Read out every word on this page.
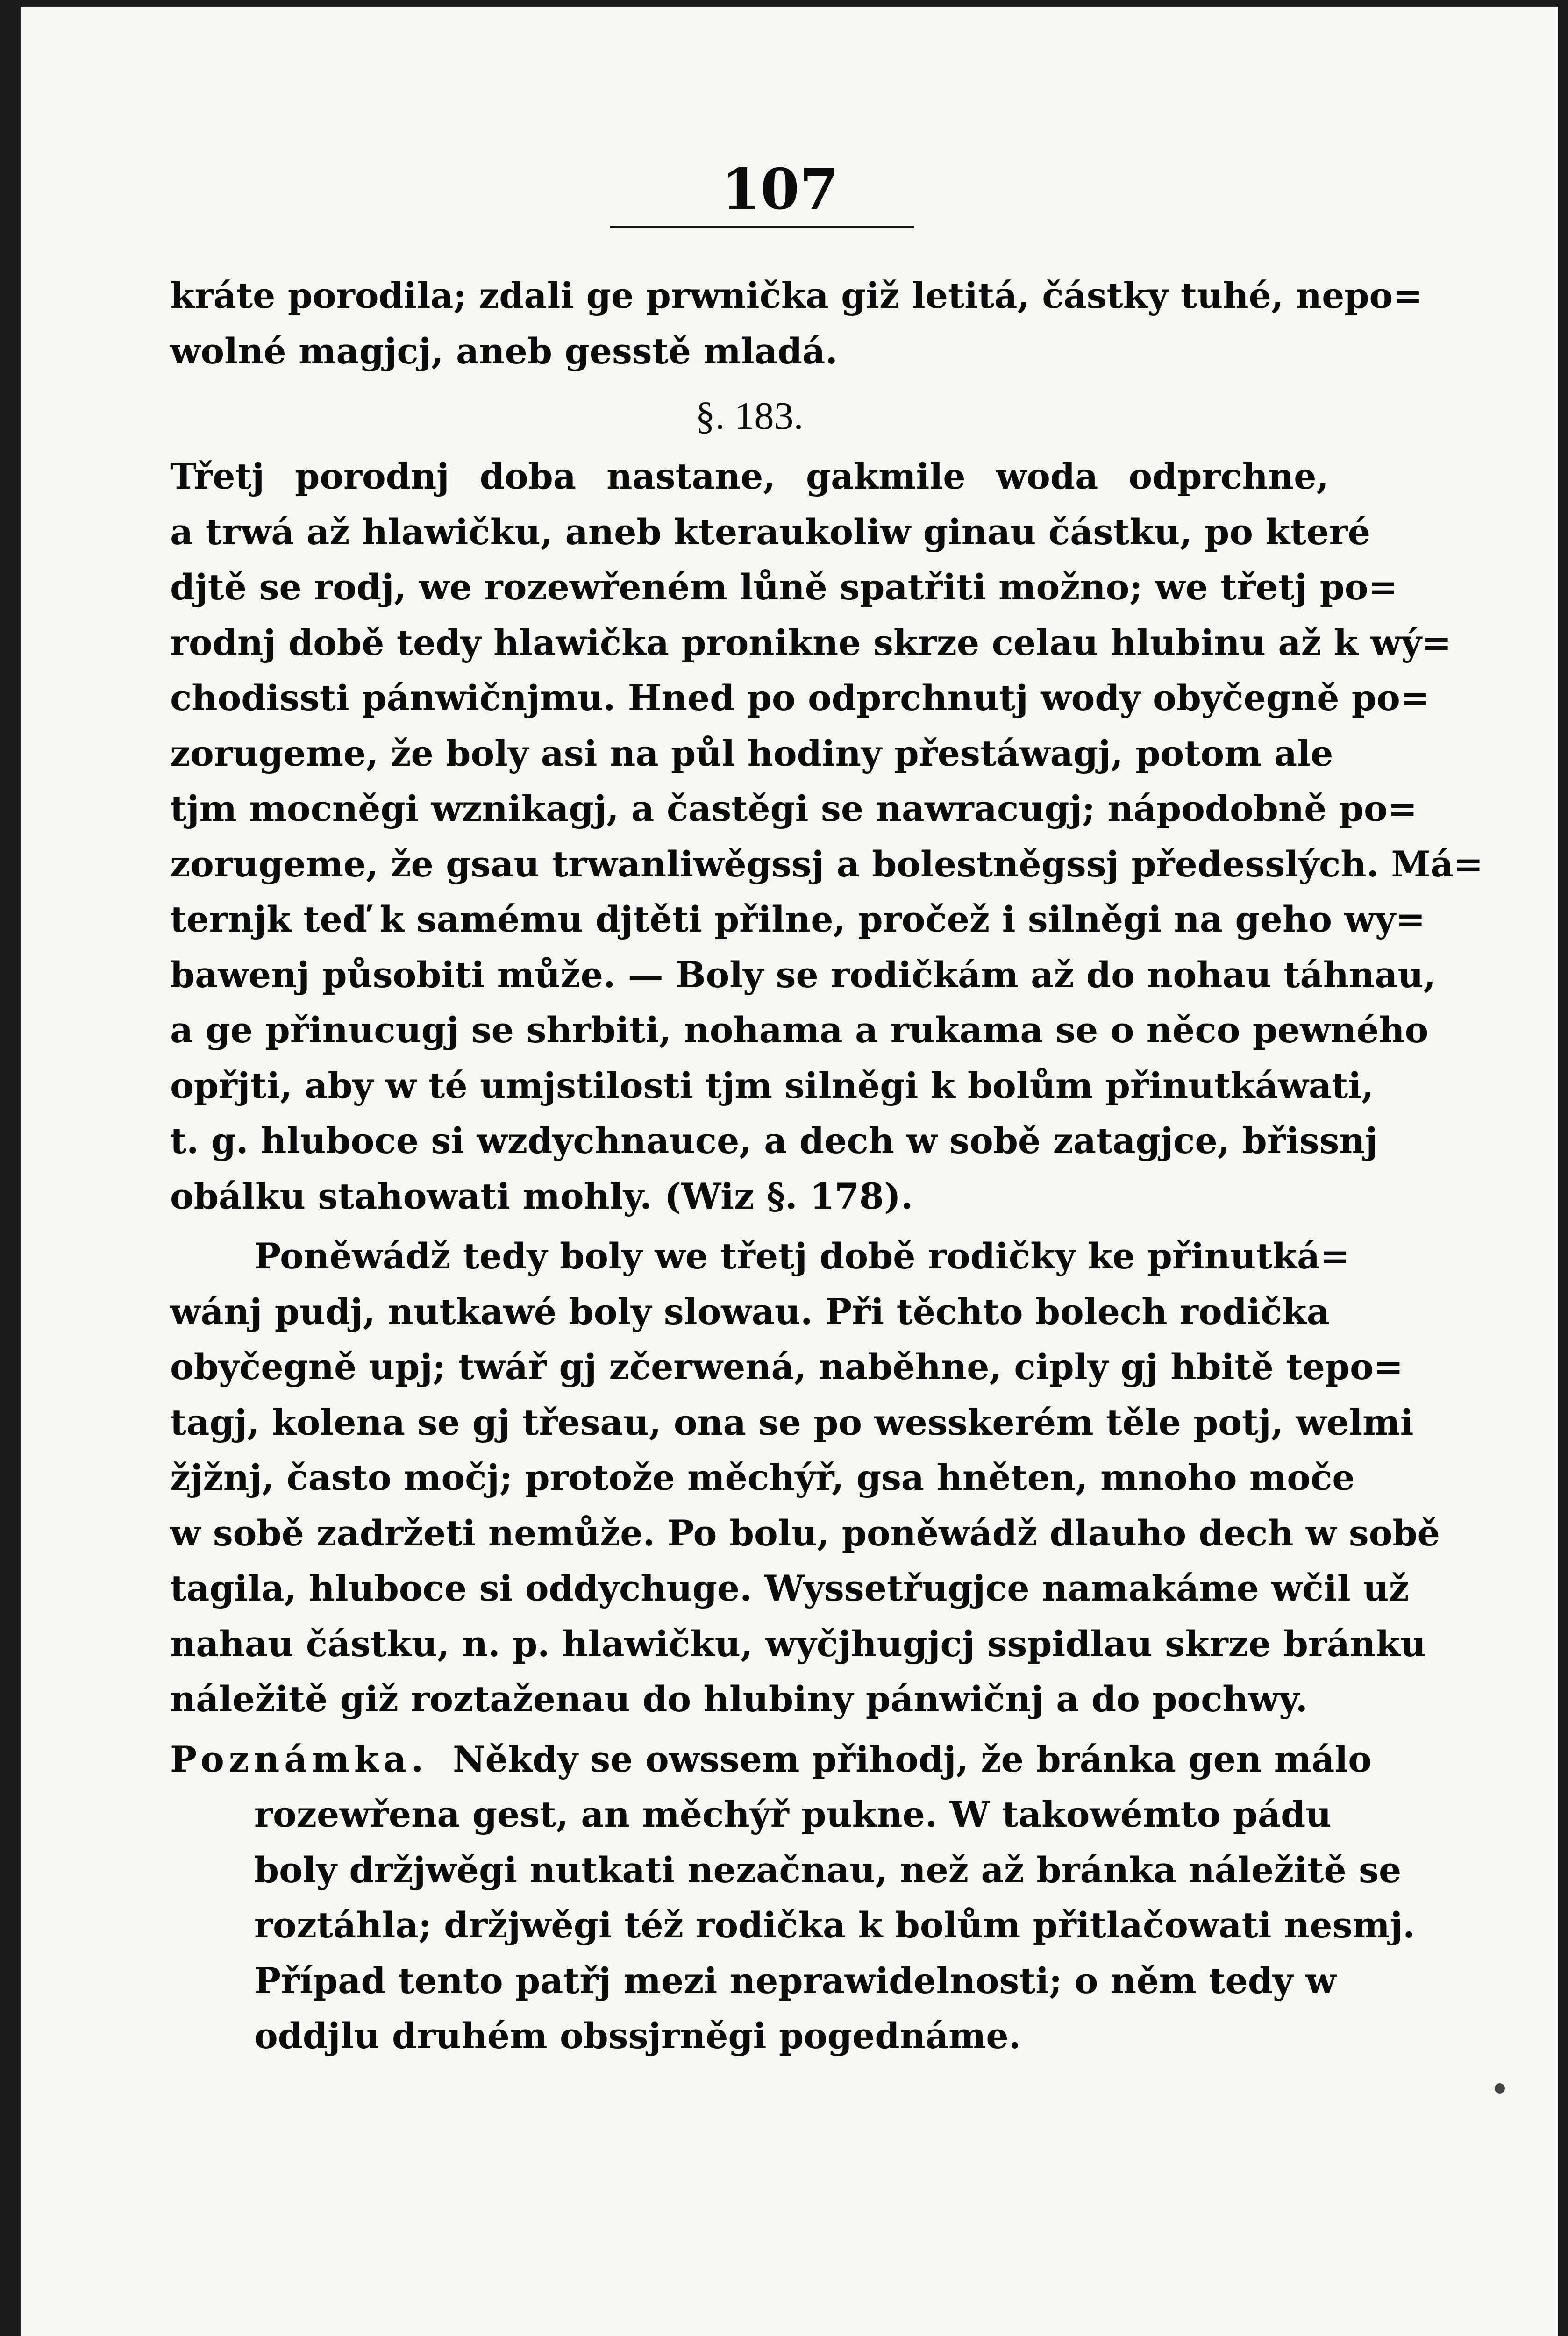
107
kráte porodila; zdali ge prwnička giž letitá, částky tuhé, nepo=
wolné magjcj, aneb gesstě mladá.
§. 183.
Třetj porodnj doba nastane, gakmile woda odprchne,
a trwá až hlawičku, aneb kteraukoliw ginau částku, po které
djtě se rodj, we rozewřeném lůně spatřiti možno; we třetj po=
rodnj době tedy hlawička pronikne skrze celau hlubinu až k wý=
chodissti pánwičnjmu. Hned po odprchnutj wody obyčegně po=
zorugeme, že boly asi na půl hodiny přestáwagj, potom ale
tjm mocněgi wznikagj, a častěgi se nawracugj; nápodobně po=
zorugeme, že gsau trwanliwěgssj a bolestněgssj předesslých. Má=
ternjk teď k samému djtěti přilne, pročež i silněgi na geho wy=
bawenj působiti může. — Boly se rodičkám až do nohau táhnau,
a ge přinucugj se shrbiti, nohama a rukama se o něco pewného
opřjti, aby w té umjstilosti tjm silněgi k bolům přinutkáwati,
t. g. hluboce si wzdychnauce, a dech w sobě zatagjce, břissnj
obálku stahowati mohly. (Wiz §. 178).
Poněwádž tedy boly we třetj době rodičky ke přinutká=
wánj pudj, nutkawé boly slowau. Při těchto bolech rodička
obyčegně upj; twář gj zčerwená, naběhne, ciply gj hbitě tepo=
tagj, kolena se gj třesau, ona se po wesskerém těle potj, welmi
žjžnj, často močj; protože měchýř, gsa hněten, mnoho moče
w sobě zadržeti nemůže. Po bolu, poněwádž dlauho dech w sobě
tagila, hluboce si oddychuge. Wyssetřugjce namakáme wčil už
nahau částku, n. p. hlawičku, wyčjhugjcj sspidlau skrze bránku
náležitě giž roztaženau do hlubiny pánwičnj a do pochwy.
Poznámka. Někdy se owssem přihodj, že bránka gen málo
rozewřena gest, an měchýř pukne. W takowémto pádu
boly držjwěgi nutkati nezačnau, než až bránka náležitě se
roztáhla; držjwěgi též rodička k bolům přitlačowati nesmj.
Případ tento patřj mezi neprawidelnosti; o něm tedy w
oddjlu druhém obssjrněgi pogednáme.
